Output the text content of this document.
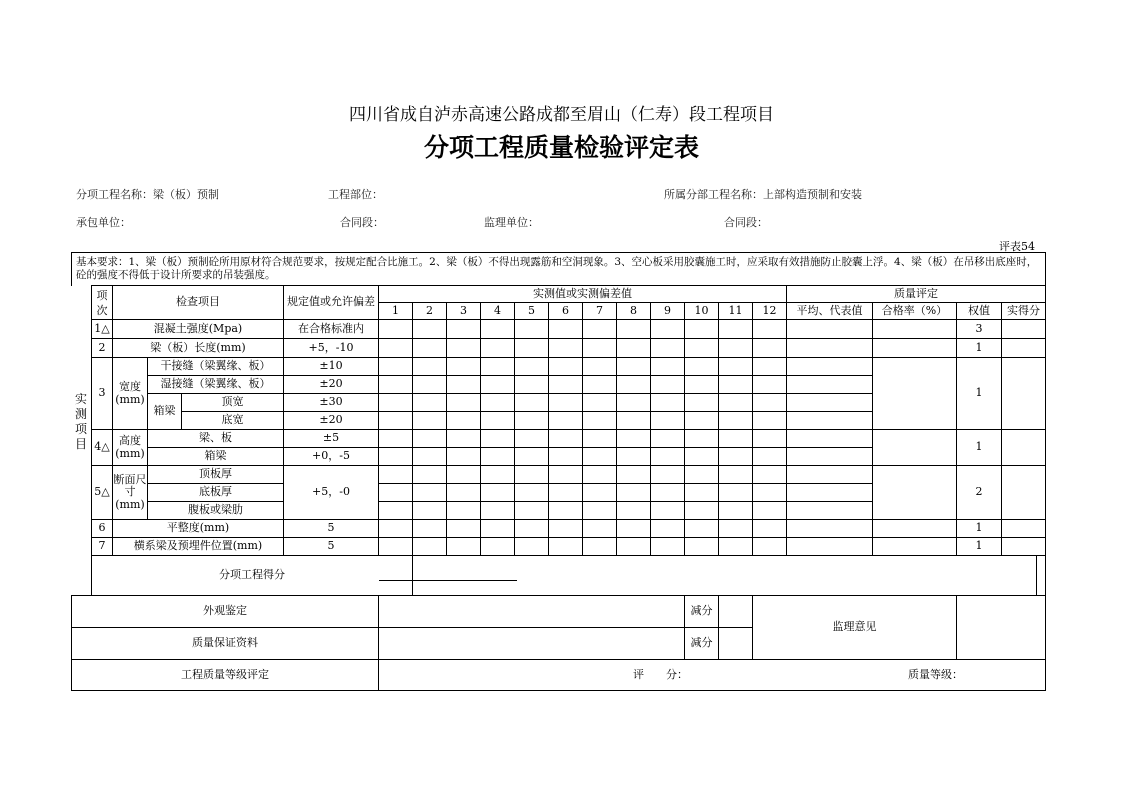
四川省成自泸赤高速公路成都至眉山（仁寿）段工程项目
分项工程质量检验评定表
分项工程名称：梁（板）预制	工程部位：	所属分部工程名称：上部构造预制和安装
承包单位：	合同段：	监理单位：	合同段：
评表54
基本要求：1、梁（板）预制砼所用原材符合规范要求，按规定配合比施工。2、梁（板）不得出现露筋和空洞现象。3、空心板采用胶囊施工时，应采取有效措施防止胶囊上浮。4、梁（板）在吊移出底座时，砼的强度不得低于设计所要求的吊装强度。																						
	项次	检查项目			规定值或允许偏差	实测值或实测偏差值												质量评定				
						1	2	3	4	5	6	7	8	9	10	11	12	平均、代表值	合格率（%）	权值	实得分	
	1△	混凝土强度(Mpa)			在合格标准内															3		
	2	梁（板）长度(mm)			+5，-10															1		
	3	宽度(mm)	干接缝（梁翼缘、板）		±10															1		
			湿接缝（梁翼缘、板）		±20																	
			箱梁	顶宽	±30																	
				底宽	±20																	
	4△	高度(mm)	梁、板		±5															1		
			箱梁		+0，-5																	
	5△	断面尺寸(mm)	顶板厚		+5，-0															2		
			底板厚																			
			腹板或梁肋																			
	6	平整度(mm)			5															1		
	7	横系梁及预埋件位置(mm)			5															1		
	分项工程得分																					
外观鉴定															减分		监理意见					
质量保证资料															减分							
工程质量等级评定						评　　分： 质量等级：																
实测项目
